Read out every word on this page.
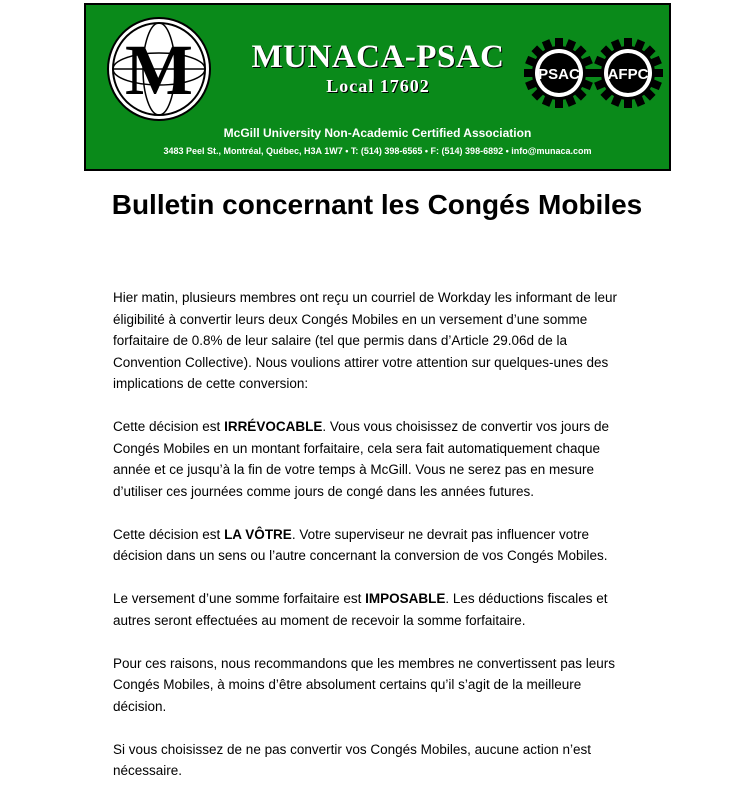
M	MUNACA-PSAC
Local 17602
PSAC AFPC
McGill University Non-Academic Certified Association
3483 Peel St., Montréal, Québec, H3A 1W7 • T: (514) 398-6565 • F: (514) 398-6892 • info@munaca.com
Bulletin concernant les Congés Mobiles

Hier matin, plusieurs membres ont reçu un courriel de Workday les informant de leur éligibilité à convertir leurs deux Congés Mobiles en un versement d’une somme forfaitaire de 0.8% de leur salaire (tel que permis dans d’Article 29.06d de la Convention Collective). Nous voulions attirer votre attention sur quelques-unes des implications de cette conversion:

Cette décision est IRRÉVOCABLE. Vous vous choisissez de convertir vos jours de Congés Mobiles en un montant forfaitaire, cela sera fait automatiquement chaque année et ce jusqu’à la fin de votre temps à McGill. Vous ne serez pas en mesure d’utiliser ces journées comme jours de congé dans les années futures.

Cette décision est LA VÔTRE. Votre superviseur ne devrait pas influencer votre décision dans un sens ou l’autre concernant la conversion de vos Congés Mobiles.

Le versement d’une somme forfaitaire est IMPOSABLE. Les déductions fiscales et autres seront effectuées au moment de recevoir la somme forfaitaire.

Pour ces raisons, nous recommandons que les membres ne convertissent pas leurs Congés Mobiles, à moins d’être absolument certains qu’il s’agit de la meilleure décision.

Si vous choisissez de ne pas convertir vos Congés Mobiles, aucune action n’est nécessaire.
